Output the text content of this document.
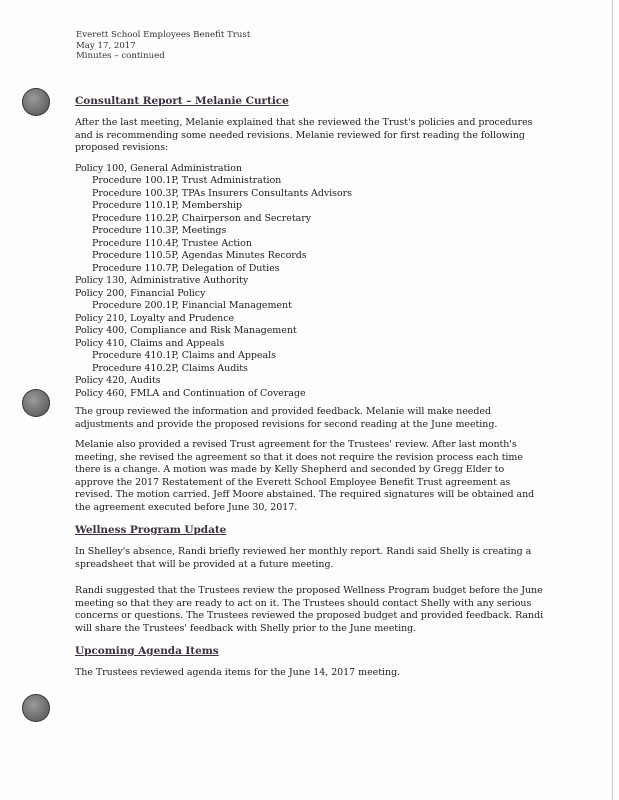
Everett School Employees Benefit Trust
May 17, 2017
Minutes – continued
Consultant Report – Melanie Curtice

After the last meeting, Melanie explained that she reviewed the Trust's policies and procedures and is recommending some needed revisions. Melanie reviewed for first reading the following proposed revisions:

Policy 100, General Administration
Procedure 100.1P, Trust Administration
Procedure 100.3P, TPAs Insurers Consultants Advisors
Procedure 110.1P, Membership
Procedure 110.2P, Chairperson and Secretary
Procedure 110.3P, Meetings
Procedure 110.4P, Trustee Action
Procedure 110.5P, Agendas Minutes Records
Procedure 110.7P, Delegation of Duties
Policy 130, Administrative Authority
Policy 200, Financial Policy
Procedure 200.1P, Financial Management
Policy 210, Loyalty and Prudence
Policy 400, Compliance and Risk Management
Policy 410, Claims and Appeals
Procedure 410.1P, Claims and Appeals
Procedure 410.2P, Claims Audits
Policy 420, Audits
Policy 460, FMLA and Continuation of Coverage

The group reviewed the information and provided feedback. Melanie will make needed adjustments and provide the proposed revisions for second reading at the June meeting.

Melanie also provided a revised Trust agreement for the Trustees' review. After last month's meeting, she revised the agreement so that it does not require the revision process each time there is a change. A motion was made by Kelly Shepherd and seconded by Gregg Elder to approve the 2017 Restatement of the Everett School Employee Benefit Trust agreement as revised. The motion carried. Jeff Moore abstained. The required signatures will be obtained and the agreement executed before June 30, 2017.

Wellness Program Update

In Shelley's absence, Randi briefly reviewed her monthly report. Randi said Shelly is creating a spreadsheet that will be provided at a future meeting.

Randi suggested that the Trustees review the proposed Wellness Program budget before the June meeting so that they are ready to act on it. The Trustees should contact Shelly with any serious concerns or questions. The Trustees reviewed the proposed budget and provided feedback. Randi will share the Trustees' feedback with Shelly prior to the June meeting.

Upcoming Agenda Items

The Trustees reviewed agenda items for the June 14, 2017 meeting.
